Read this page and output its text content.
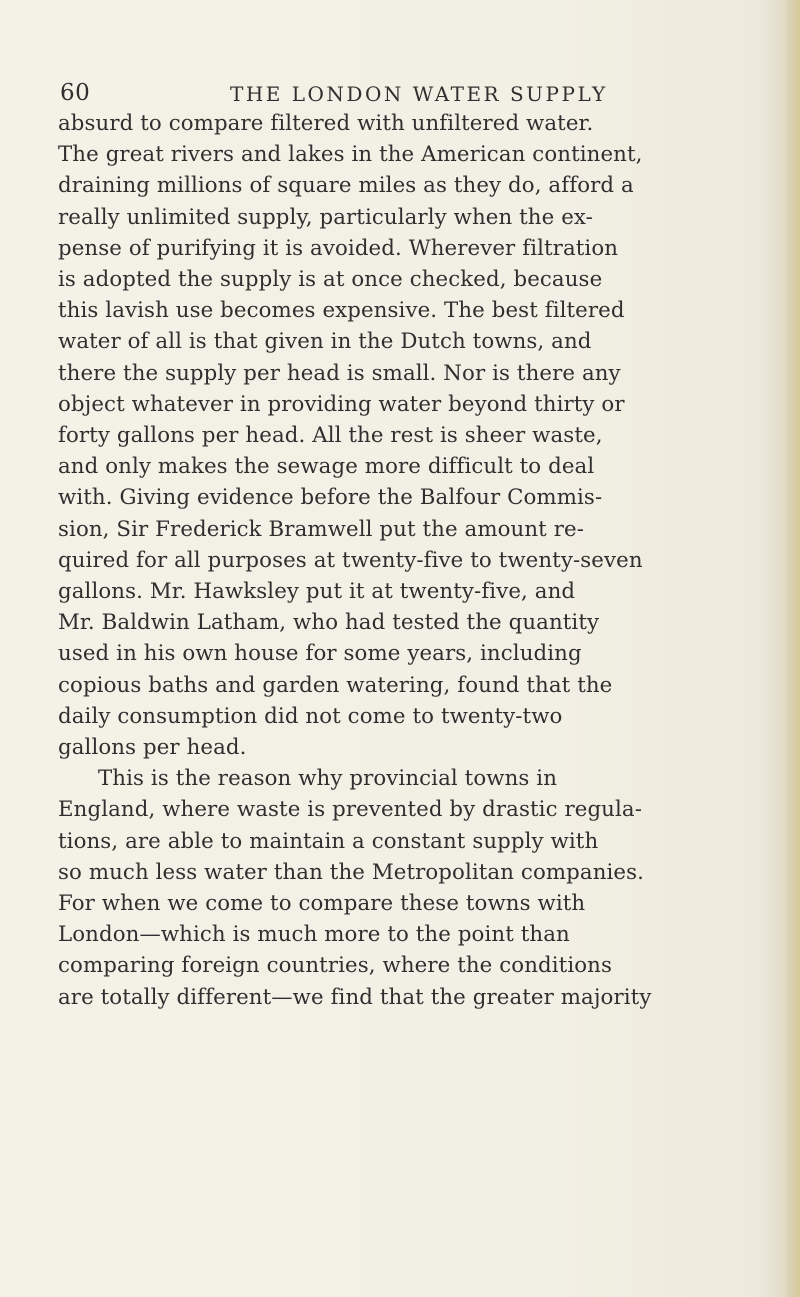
60	THE LONDON WATER SUPPLY
absurd to compare filtered with unfiltered water.
The great rivers and lakes in the American continent,
draining millions of square miles as they do, afford a
really unlimited supply, particularly when the ex-
pense of purifying it is avoided. Wherever filtration
is adopted the supply is at once checked, because
this lavish use becomes expensive. The best filtered
water of all is that given in the Dutch towns, and
there the supply per head is small. Nor is there any
object whatever in providing water beyond thirty or
forty gallons per head. All the rest is sheer waste,
and only makes the sewage more difficult to deal
with. Giving evidence before the Balfour Commis-
sion, Sir Frederick Bramwell put the amount re-
quired for all purposes at twenty-five to twenty-seven
gallons. Mr. Hawksley put it at twenty-five, and
Mr. Baldwin Latham, who had tested the quantity
used in his own house for some years, including
copious baths and garden watering, found that the
daily consumption did not come to twenty-two
gallons per head.
This is the reason why provincial towns in
England, where waste is prevented by drastic regula-
tions, are able to maintain a constant supply with
so much less water than the Metropolitan companies.
For when we come to compare these towns with
London—which is much more to the point than
comparing foreign countries, where the conditions
are totally different—we find that the greater majority
